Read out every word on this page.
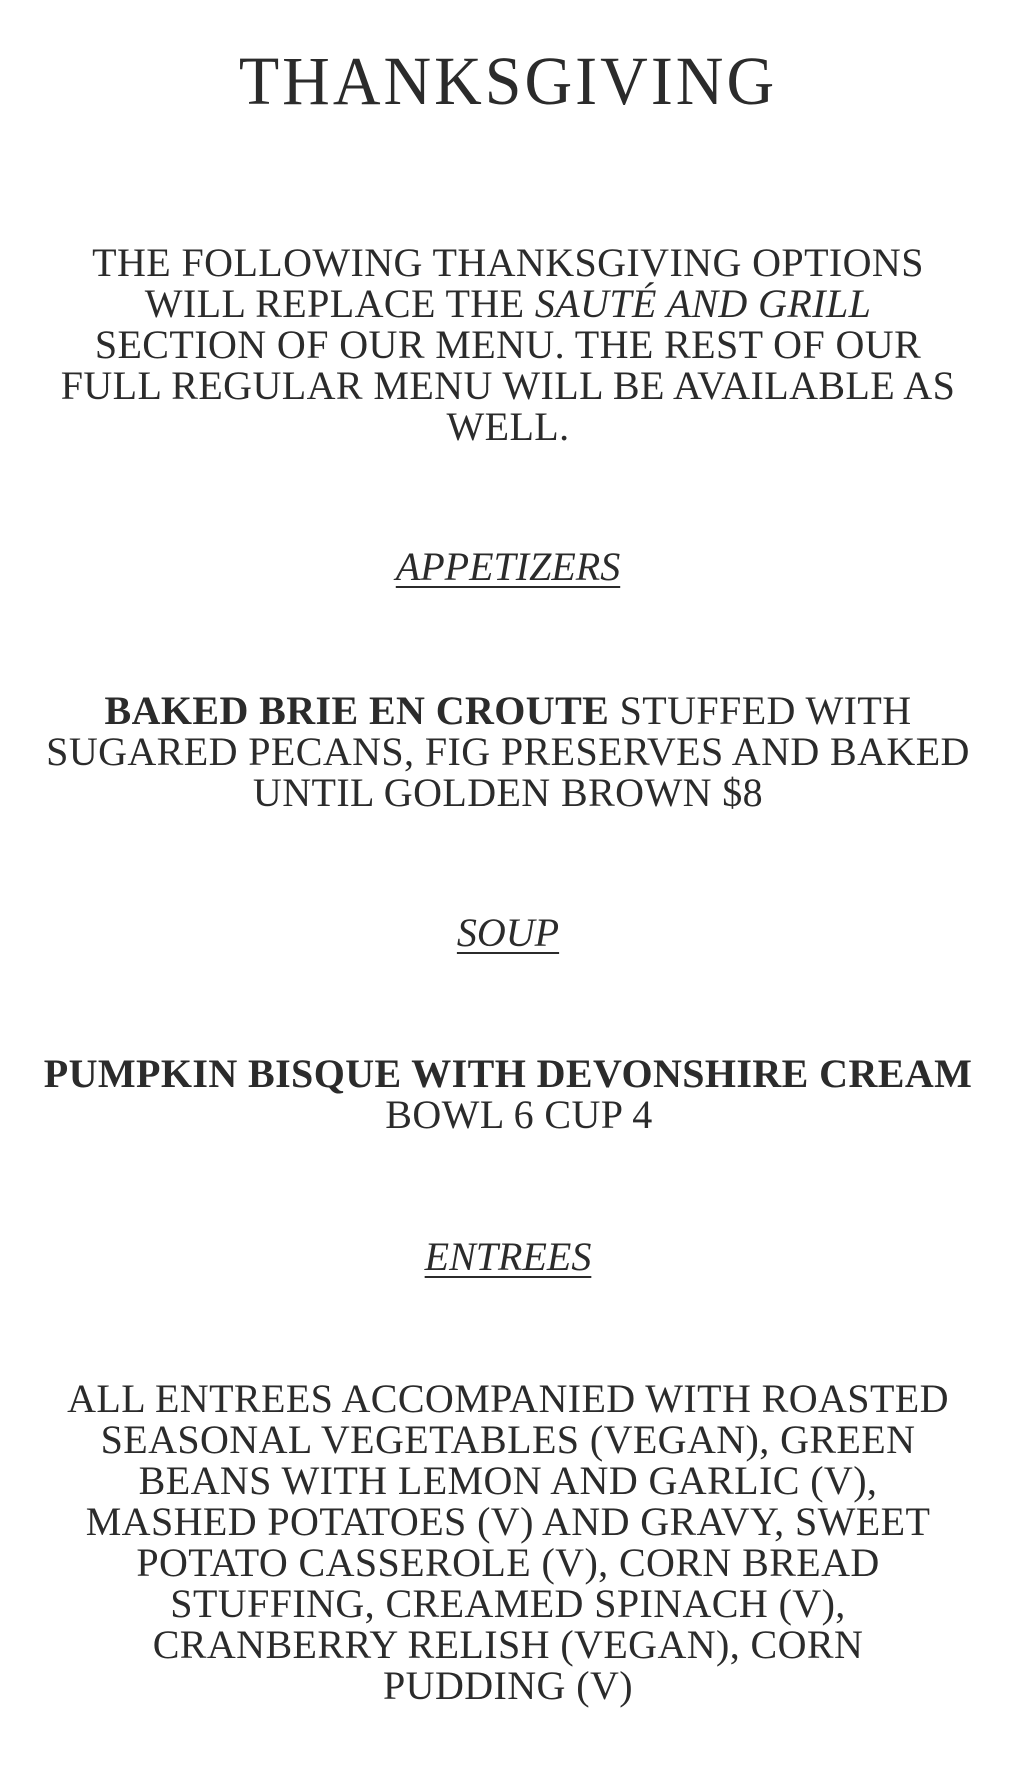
THANKSGIVING
THE FOLLOWING THANKSGIVING OPTIONS WILL REPLACE THE SAUTÉ AND GRILL SECTION OF OUR MENU. THE REST OF OUR FULL REGULAR MENU WILL BE AVAILABLE AS WELL.
APPETIZERS
BAKED BRIE EN CROUTE STUFFED WITH SUGARED PECANS, FIG PRESERVES AND BAKED UNTIL GOLDEN BROWN $8
SOUP
PUMPKIN BISQUE WITH DEVONSHIRE CREAMBOWL 6 CUP 4
ENTREES
ALL ENTREES ACCOMPANIED WITH ROASTED SEASONAL VEGETABLES (VEGAN), GREEN BEANS WITH LEMON AND GARLIC (V), MASHED POTATOES (V) AND GRAVY, SWEET POTATO CASSEROLE (V), CORN BREAD STUFFING, CREAMED SPINACH (V), CRANBERRY RELISH (VEGAN), CORN PUDDING (V)
